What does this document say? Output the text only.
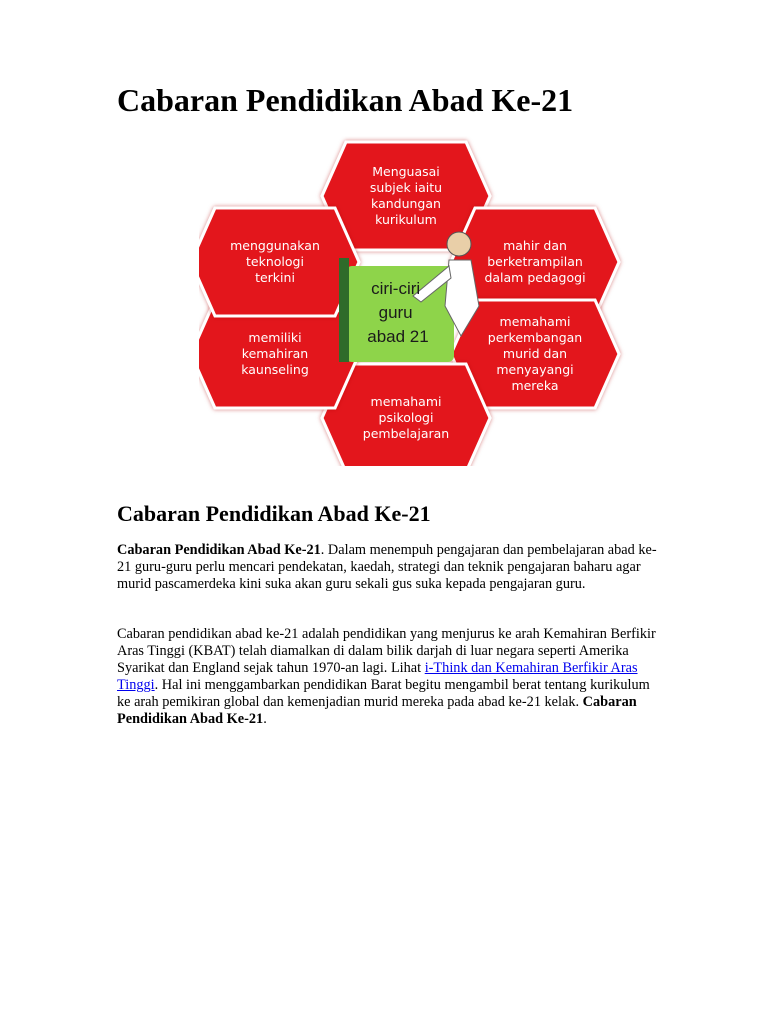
Cabaran Pendidikan Abad Ke-21
Menguasai subjek iaitu kandungan kurikulum
mahir dan berketrampilan dalam pedagogi
memahami perkembangan murid dan menyayangi mereka
memahami psikologi pembelajaran
memiliki kemahiran kaunseling
menggunakan teknologi terkini
ciri-ciri guru abad 21
Cabaran Pendidikan Abad Ke-21

Cabaran Pendidikan Abad Ke-21. Dalam menempuh pengajaran dan pembelajaran abad ke-21 guru-guru perlu mencari pendekatan, kaedah, strategi dan teknik pengajaran baharu agar murid pascamerdeka kini suka akan guru sekali gus suka kepada pengajaran guru.

Cabaran pendidikan abad ke-21 adalah pendidikan yang menjurus ke arah Kemahiran Berfikir Aras Tinggi (KBAT) telah diamalkan di dalam bilik darjah di luar negara seperti Amerika Syarikat dan England sejak tahun 1970-an lagi. Lihat i-Think dan Kemahiran Berfikir Aras Tinggi. Hal ini menggambarkan pendidikan Barat begitu mengambil berat tentang kurikulum ke arah pemikiran global dan kemenjadian murid mereka pada abad ke-21 kelak. Cabaran Pendidikan Abad Ke-21.
